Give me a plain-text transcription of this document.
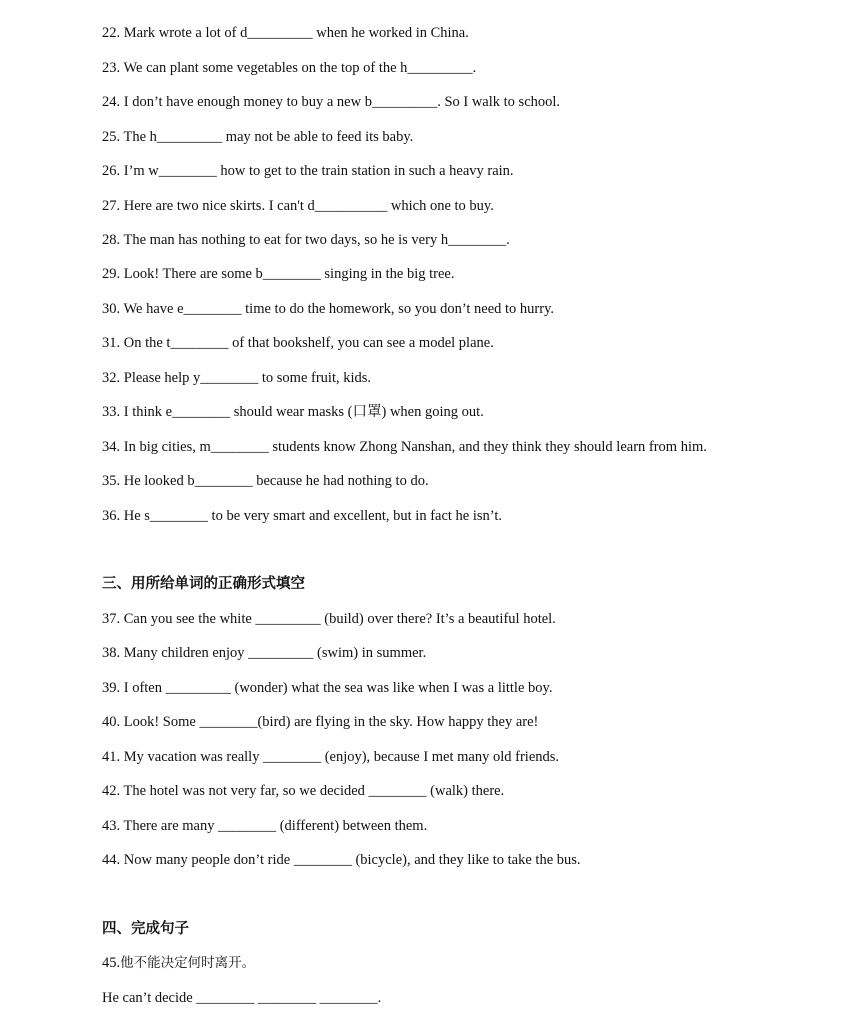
22. Mark wrote a lot of d_________ when he worked in China.
23. We can plant some vegetables on the top of the h_________.
24. I don’t have enough money to buy a new b_________. So I walk to school.
25. The h_________ may not be able to feed its baby.
26. I’m w________ how to get to the train station in such a heavy rain.
27. Here are two nice skirts. I can't d__________ which one to buy.
28. The man has nothing to eat for two days, so he is very h________.
29. Look! There are some b________ singing in the big tree.
30. We have e________ time to do the homework, so you don’t need to hurry.
31. On the t________ of that bookshelf, you can see a model plane.
32. Please help y________ to some fruit, kids.
33. I think e________ should wear masks (口罩) when going out.
34. In big cities, m________ students know Zhong Nanshan, and they think they should learn from him.
35. He looked b________ because he had nothing to do.
36. He s________ to be very smart and excellent, but in fact he isn’t.
三、用所给单词的正确形式填空
37. Can you see the white _________ (build) over there? It’s a beautiful hotel.
38. Many children enjoy _________ (swim) in summer.
39. I often _________ (wonder) what the sea was like when I was a little boy.
40. Look! Some ________(bird) are flying in the sky. How happy they are!
41. My vacation was really ________ (enjoy), because I met many old friends.
42. The hotel was not very far, so we decided ________ (walk) there.
43. There are many ________ (different) between them.
44. Now many people don’t ride ________ (bicycle), and they like to take the bus.
四、完成句子
45.他不能决定何时离开。
He can’t decide ________ ________ ________.
